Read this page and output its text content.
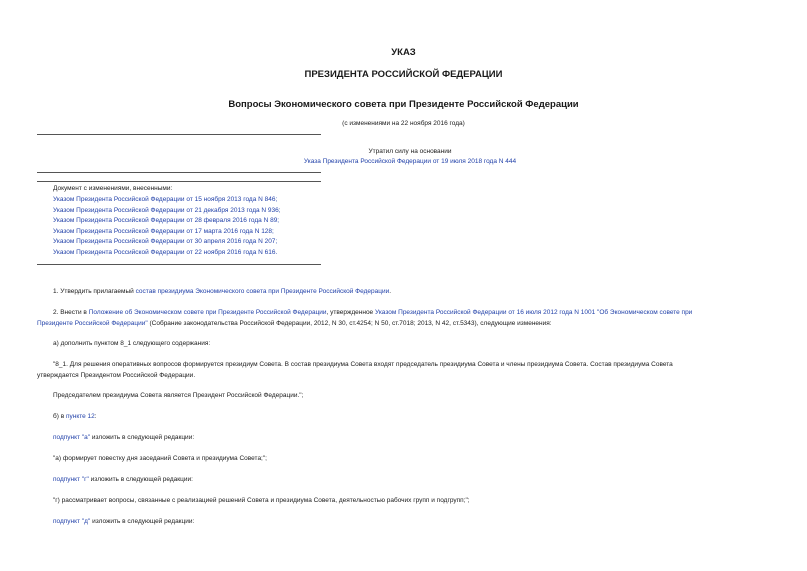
УКАЗ
ПРЕЗИДЕНТА РОССИЙСКОЙ ФЕДЕРАЦИИ
Вопросы Экономического совета при Президенте Российской Федерации
(с изменениями на 22 ноября 2016 года)
Утратил силу на основании
Указа Президента Российской Федерации от 19 июля 2018 года N 444
Документ с изменениями, внесенными:
Указом Президента Российской Федерации от 15 ноября 2013 года N 846;
Указом Президента Российской Федерации от 21 декабря 2013 года N 936;
Указом Президента Российской Федерации от 28 февраля 2016 года N 89;
Указом Президента Российской Федерации от 17 марта 2016 года N 128;
Указом Президента Российской Федерации от 30 апреля 2016 года N 207;
Указом Президента Российской Федерации от 22 ноября 2016 года N 616.
1. Утвердить прилагаемый состав президиума Экономического совета при Президенте Российской Федерации.
2. Внести в Положение об Экономическом совете при Президенте Российской Федерации, утвержденное Указом Президента Российской Федерации от 16 июля 2012 года N 1001 "Об Экономическом совете при
Президенте Российской Федерации" (Собрание законодательства Российской Федерации, 2012, N 30, ст.4254; N 50, ст.7018; 2013, N 42, ст.5343), следующие изменения:
а) дополнить пунктом 8_1 следующего содержания:
"8_1. Для решения оперативных вопросов формируется президиум Совета. В состав президиума Совета входят председатель президиума Совета и члены президиума Совета. Состав президиума Совета
утверждается Президентом Российской Федерации.
Председателем президиума Совета является Президент Российской Федерации.";
б) в пункте 12:
подпункт "а" изложить в следующей редакции:
"а) формирует повестку дня заседаний Совета и президиума Совета;";
подпункт "г" изложить в следующей редакции:
"г) рассматривает вопросы, связанные с реализацией решений Совета и президиума Совета, деятельностью рабочих групп и подгрупп;";
подпункт "д" изложить в следующей редакции:
